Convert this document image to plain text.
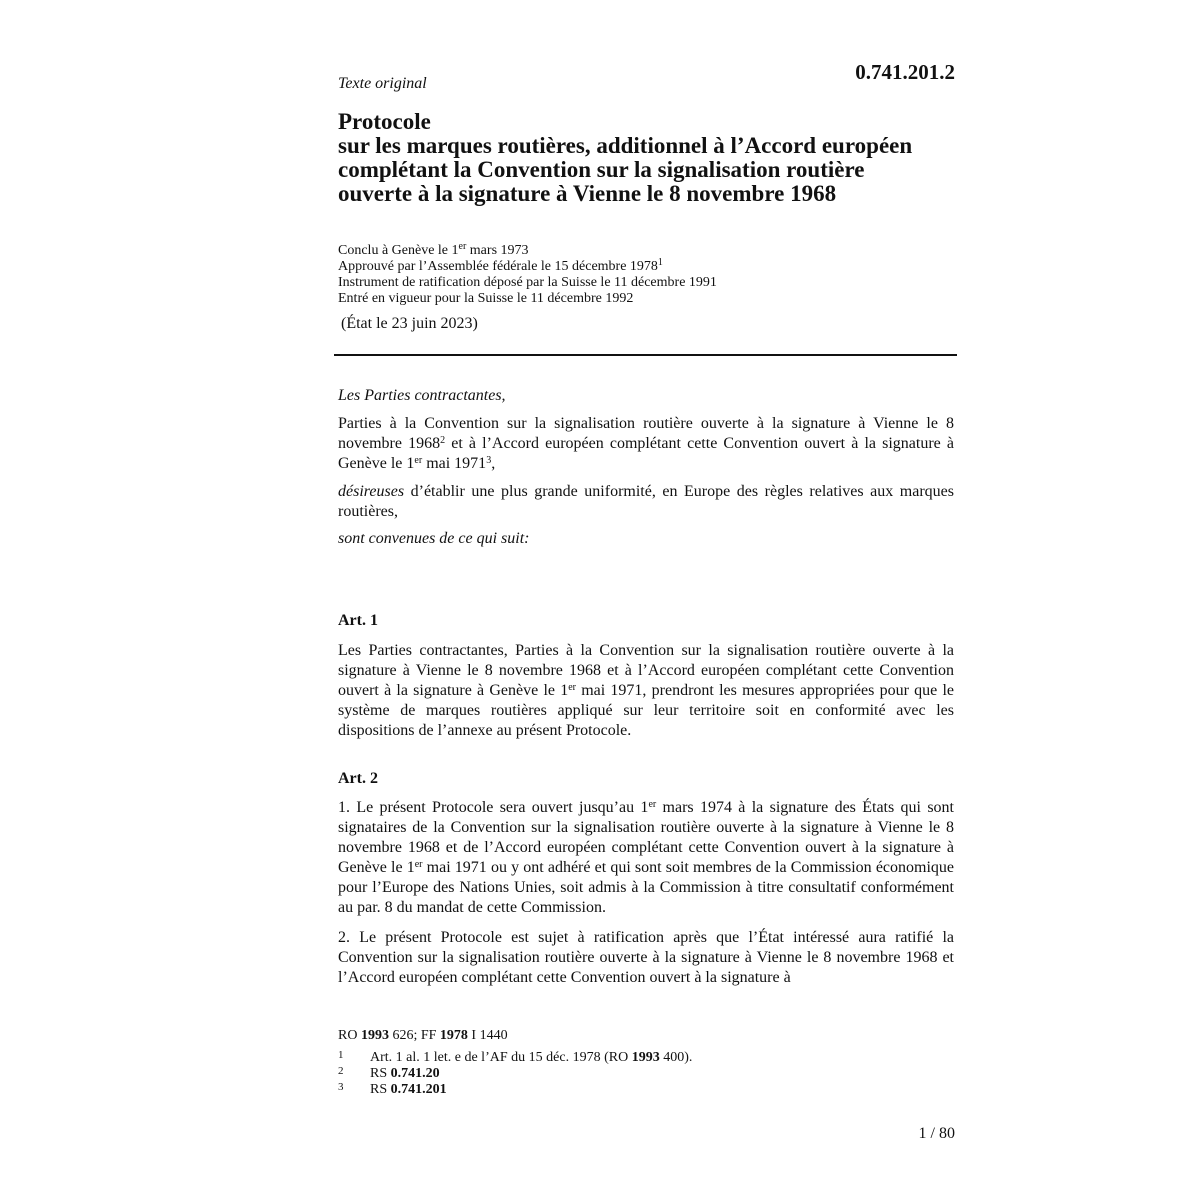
Texte original	0.741.201.2
Protocole
sur les marques routières, additionnel à l’Accord européen
complétant la Convention sur la signalisation routière
ouverte à la signature à Vienne le 8 novembre 1968
Conclu à Genève le 1er mars 1973
Approuvé par l’Assemblée fédérale le 15 décembre 1978$^1$
Instrument de ratification déposé par la Suisse le 11 décembre 1991
Entré en vigueur pour la Suisse le 11 décembre 1992
(État le 23 juin 2023)
Les Parties contractantes,

Parties à la Convention sur la signalisation routière ouverte à la signature à Vienne le 8 novembre 1968$^2$ et à l’Accord européen complétant cette Convention ouvert à la signature à Genève le 1er mai 1971$^3$,

désireuses d’établir une plus grande uniformité, en Europe des règles relatives aux marques routières,

sont convenues de ce qui suit:
Art. 1

Les Parties contractantes, Parties à la Convention sur la signalisation routière ouverte à la signature à Vienne le 8 novembre 1968 et à l’Accord européen complétant cette Convention ouvert à la signature à Genève le 1er mai 1971, prendront les mesures appropriées pour que le système de marques routières appliqué sur leur territoire soit en conformité avec les dispositions de l’annexe au présent Protocole.

Art. 2

1. Le présent Protocole sera ouvert jusqu’au 1er mars 1974 à la signature des États qui sont signataires de la Convention sur la signalisation routière ouverte à la signature à Vienne le 8 novembre 1968 et de l’Accord européen complétant cette Convention ouvert à la signature à Genève le 1er mai 1971 ou y ont adhéré et qui sont soit membres de la Commission économique pour l’Europe des Nations Unies, soit admis à la Commission à titre consultatif conformément au par. 8 du mandat de cette Commission.

2. Le présent Protocole est sujet à ratification après que l’État intéressé aura ratifié la Convention sur la signalisation routière ouverte à la signature à Vienne le 8 novembre 1968 et l’Accord européen complétant cette Convention ouvert à la signature à
RO 1993 626; FF 1978 I 1440
1 Art. 1 al. 1 let. e de l’AF du 15 déc. 1978 (RO 1993 400).
2 RS 0.741.20
3 RS 0.741.201
1 / 80
